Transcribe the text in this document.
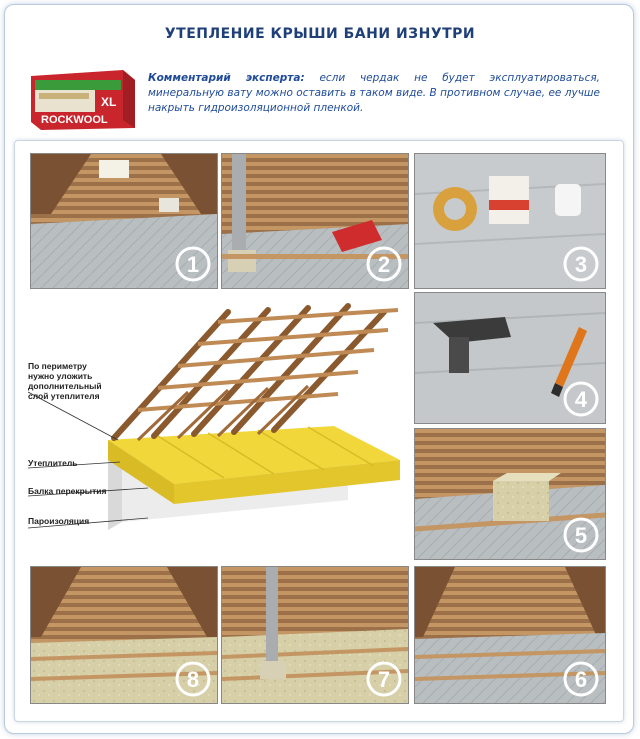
УТЕПЛЕНИЕ КРЫШИ БАНИ ИЗНУТРИ
ROCKWOOL
XL
Комментарий эксперта: если чердак не будет эксплуатироваться, минеральную вату можно оставить в таком виде. В противном случае, ее лучше накрыть гидроизоляционной пленкой.
1	2	3
По периметру нужно уложить дополнительный слой утеплителя
Утеплитель
Балка перекрытия
Пароизоляция
4
5
8	7	6
